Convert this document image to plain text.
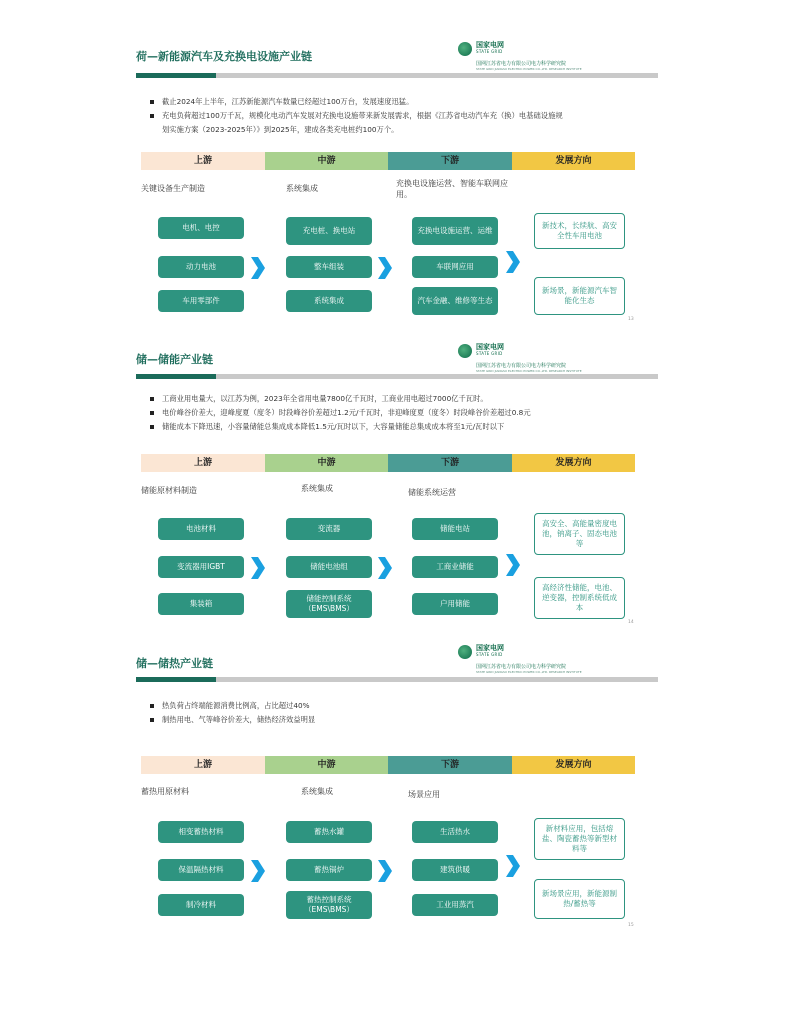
荷—新能源汽车及充换电设施产业链
国家电网
STATE GRID
国网江苏省电力有限公司电力科学研究院
STATE GRID JIANGSU ELECTRIC POWER CO.,LTD. RESEARCH INSTITUTE
截止2024年上半年，江苏新能源汽车数量已经超过100万台，发展速度迅猛。
充电负荷超过100万千瓦，规模化电动汽车发展对充换电设施带来新发展需求，根据《江苏省电动汽车充（换）电基础设施规
划实施方案（2023-2025年）》到2025年，建成各类充电桩约100万个。
上游	中游	下游	发展方向
关键设备生产制造	系统集成
充换电设施运营、智能车联网应用。
电机、电控
动力电池
车用零部件
充电桩、换电站
整车组装
系统集成
充换电设施运营、运维
车联网应用
汽车金融、维修等生态
新技术，长续航、高安全性车用电池
新场景，新能源汽车智能化生态
13
储—储能产业链
国家电网
STATE GRID
国网江苏省电力有限公司电力科学研究院
STATE GRID JIANGSU ELECTRIC POWER CO.,LTD. RESEARCH INSTITUTE
工商业用电量大，以江苏为例，2023年全省用电量7800亿千瓦时，工商业用电超过7000亿千瓦时。
电价峰谷价差大，迎峰度夏（度冬）时段峰谷价差超过1.2元/千瓦时，非迎峰度夏（度冬）时段峰谷价差超过0.8元
储能成本下降迅速，小容量储能总集成成本降低1.5元/瓦时以下，大容量储能总集成成本将至1元/瓦时以下
上游	中游	下游	发展方向
储能原材料制造	系统集成	储能系统运营
电池材料
变流器用IGBT
集装箱
变流器
储能电池组
储能控制系统（EMS\BMS）
储能电站
工商业储能
户用储能
高安全、高能量密度电池，钠离子、固态电池等
高经济性储能，电池、逆变器，控制系统低成本
14
储—储热产业链
国家电网
STATE GRID
国网江苏省电力有限公司电力科学研究院
STATE GRID JIANGSU ELECTRIC POWER CO.,LTD. RESEARCH INSTITUTE
热负荷占终端能源消费比例高，占比超过40%
制热用电、气等峰谷价差大，储热经济效益明显
上游	中游	下游	发展方向
蓄热用原材料	系统集成	场景应用
相变蓄热材料
保温隔热材料
制冷材料
蓄热水罐
蓄热锅炉
蓄热控制系统（EMS\BMS）
生活热水
建筑供暖
工业用蒸汽
新材料应用，包括熔盐、陶瓷蓄热等新型材料等
新场景应用，新能源制热/蓄热等
15
